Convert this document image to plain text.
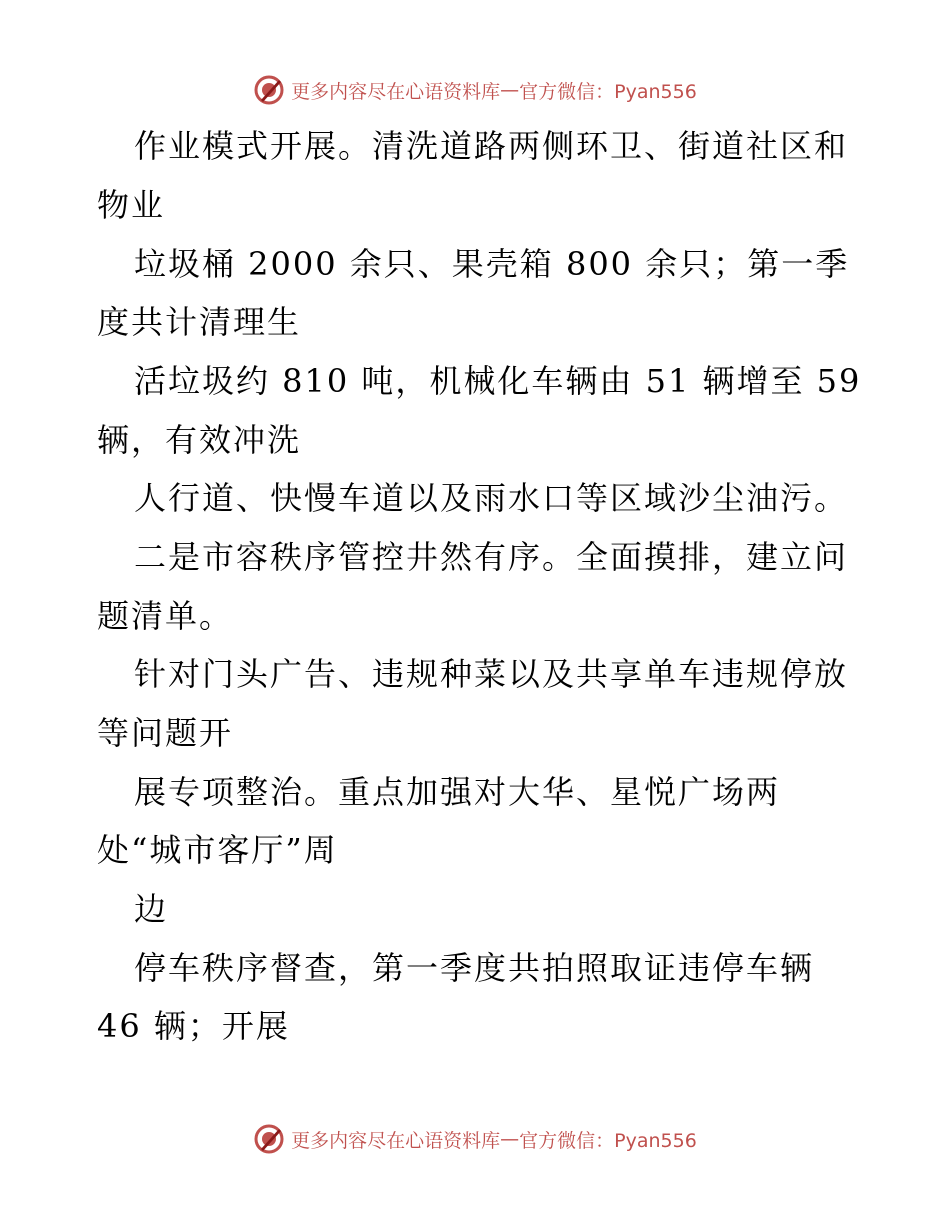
更多内容尽在心语资料库 — 官方微信：Pyan556
作业模式开展。清洗道路两侧环卫、街道社区和
物业
垃圾桶 2000 余只、果壳箱 800 余只；第一季
度共计清理生
活垃圾约 810 吨，机械化车辆由 51 辆增至 59
辆，有效冲洗
人行道、快慢车道以及雨水口等区域沙尘油污。
二是市容秩序管控井然有序。全面摸排，建立问
题清单。
针对门头广告、违规种菜以及共享单车违规停放
等问题开
展专项整治。重点加强对大华、星悦广场两
处“城市客厅”周
边
停车秩序督查，第一季度共拍照取证违停车辆
46 辆；开展
更多内容尽在心语资料库 — 官方微信：Pyan556
